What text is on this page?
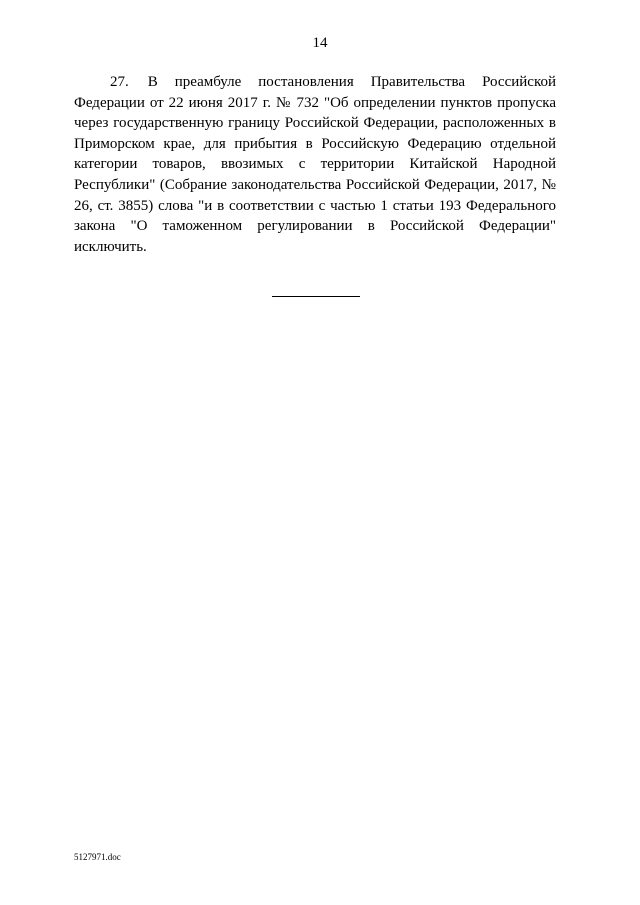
14

27. В преамбуле постановления Правительства Российской Федерации от 22 июня 2017 г. № 732 "Об определении пунктов пропуска через государственную границу Российской Федерации, расположенных в Приморском крае, для прибытия в Российскую Федерацию отдельной категории товаров, ввозимых с территории Китайской Народной Республики" (Собрание законодательства Российской Федерации, 2017, № 26, ст. 3855) слова "и в соответствии с частью 1 статьи 193 Федерального закона "О таможенном регулировании в Российской Федерации" исключить.

5127971.doc
